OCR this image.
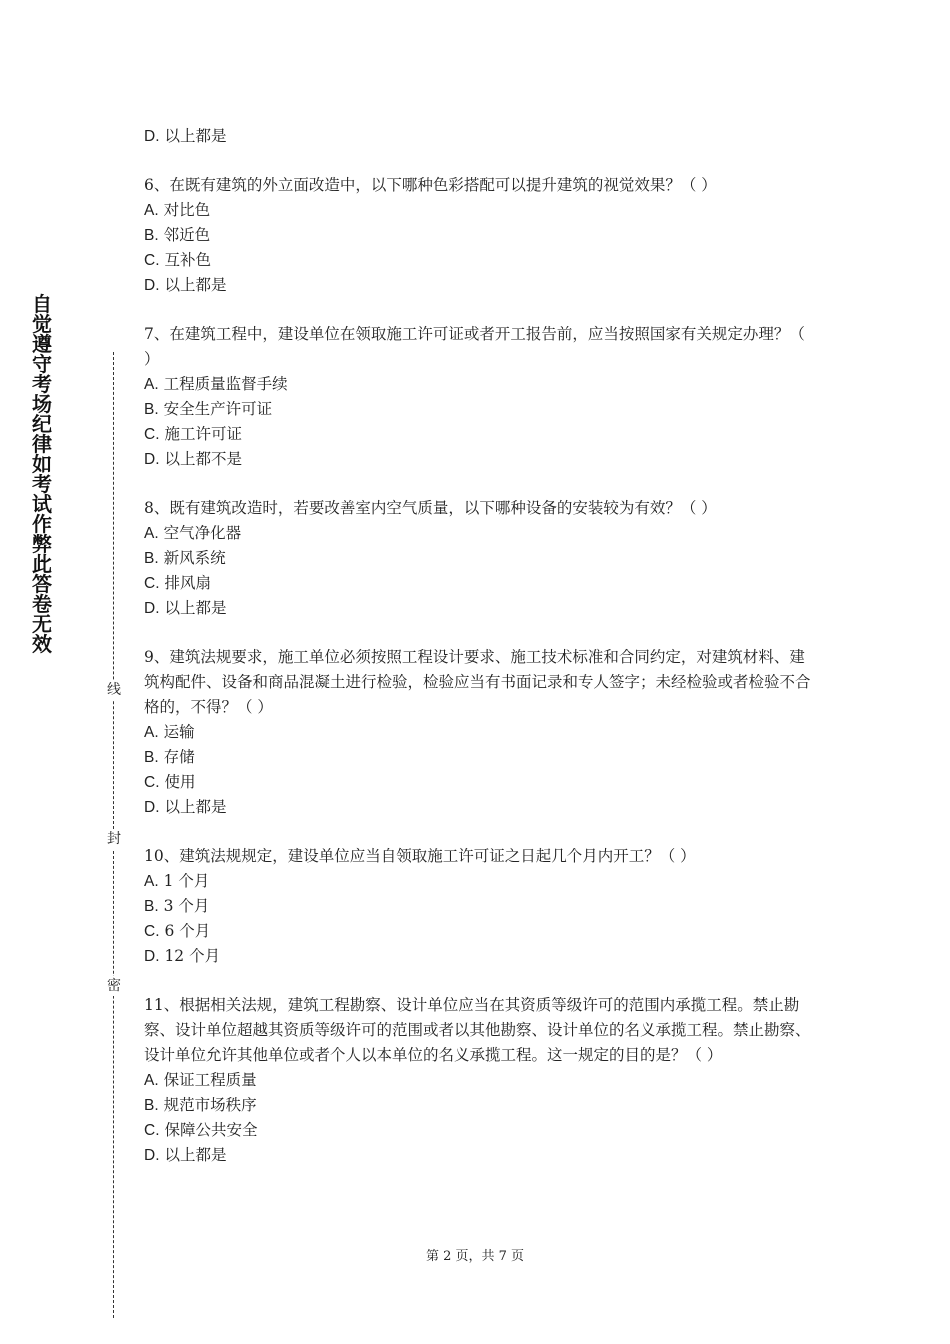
自觉遵守考场纪律如考试作弊此答卷无效
线
封
密
D. 以上都是
6、在既有建筑的外立面改造中，以下哪种色彩搭配可以提升建筑的视觉效果？（ ）
A. 对比色
B. 邻近色
C. 互补色
D. 以上都是
7、在建筑工程中，建设单位在领取施工许可证或者开工报告前，应当按照国家有关规定办理？（ ）
A. 工程质量监督手续
B. 安全生产许可证
C. 施工许可证
D. 以上都不是
8、既有建筑改造时，若要改善室内空气质量，以下哪种设备的安装较为有效？（ ）
A. 空气净化器
B. 新风系统
C. 排风扇
D. 以上都是
9、建筑法规要求，施工单位必须按照工程设计要求、施工技术标准和合同约定，对建筑材料、建筑构配件、设备和商品混凝土进行检验，检验应当有书面记录和专人签字；未经检验或者检验不合格的，不得？（ ）
A. 运输
B. 存储
C. 使用
D. 以上都是
10、建筑法规规定，建设单位应当自领取施工许可证之日起几个月内开工？（ ）
A. 1 个月
B. 3 个月
C. 6 个月
D. 12 个月
11、根据相关法规，建筑工程勘察、设计单位应当在其资质等级许可的范围内承揽工程。禁止勘察、设计单位超越其资质等级许可的范围或者以其他勘察、设计单位的名义承揽工程。禁止勘察、设计单位允许其他单位或者个人以本单位的名义承揽工程。这一规定的目的是？（ ）
A. 保证工程质量
B. 规范市场秩序
C. 保障公共安全
D. 以上都是
第 2 页，共 7 页
